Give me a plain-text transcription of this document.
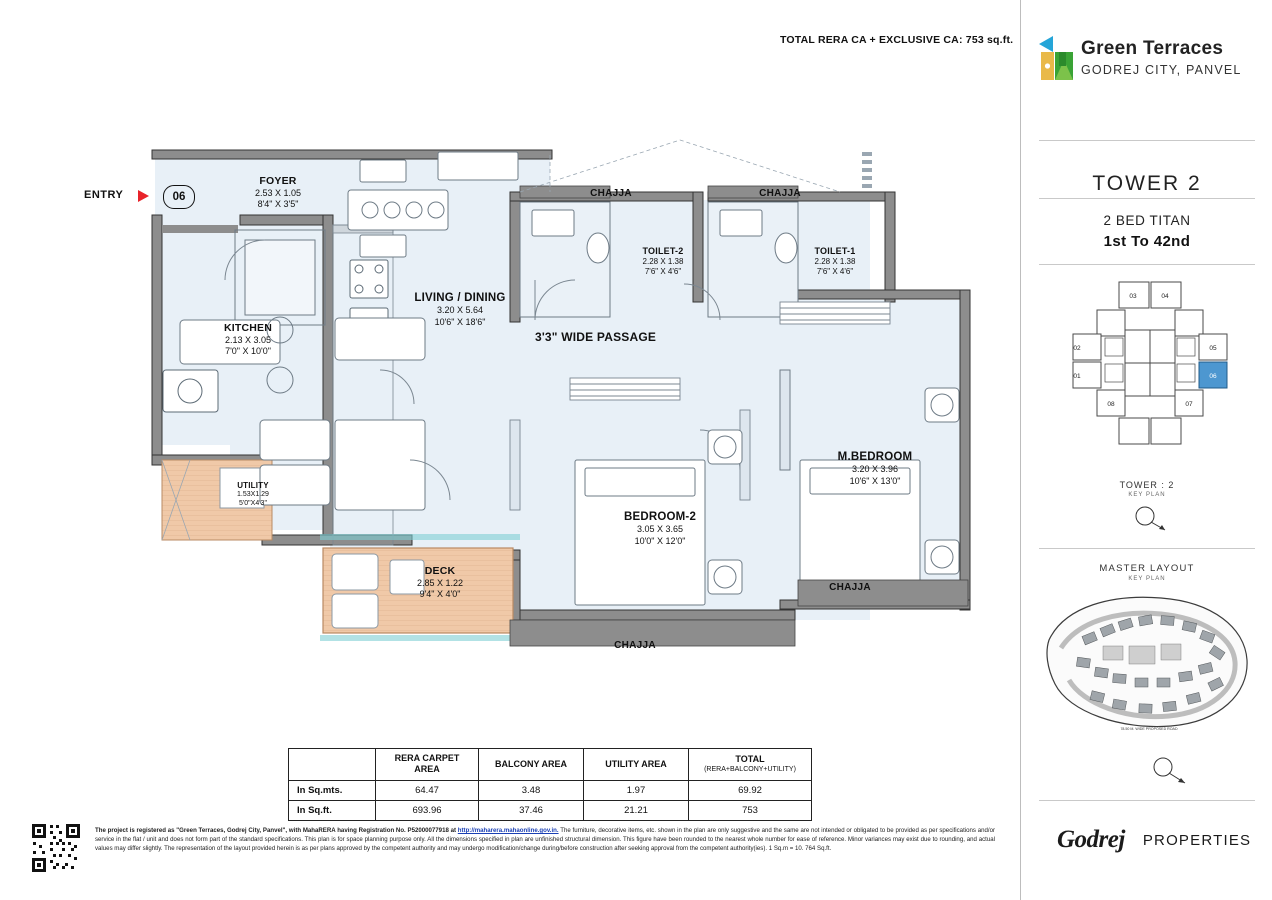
TOTAL RERA CA + EXCLUSIVE CA: 753 sq.ft.
ENTRY	06
FOYER
2.53 X 1.05
8'4" X 3'5"
KITCHEN
2.13 X 3.05
7'0" X 10'0"
UTILITY
1.53X1.29
5'0"X4'3"
LIVING / DINING
3.20 X 5.64
10'6" X 18'6"
DECK
2.85 X 1.22
9'4" X 4'0"
BEDROOM-2
3.05 X 3.65
10'0" X 12'0"
M.BEDROOM
3.20 X 3.96
10'6" X 13'0"
TOILET-2
2.28 X 1.38
7'6" X 4'6"
TOILET-1
2.28 X 1.38
7'6" X 4'6"
3'3" WIDE PASSAGE
CHAJJA	CHAJJA
CHAJJA
CHAJJA
	RERA CARPET AREA	BALCONY AREA	UTILITY AREA	TOTAL
(RERA+BALCONY+UTILITY)

In Sq.mts.	64.47	3.48	1.97	69.92
In Sq.ft.	693.96	37.46	21.21	753
The project is registered as "Green Terraces, Godrej City, Panvel", with MahaRERA having Registration No. P52000077918 at http://maharera.mahaonline.gov.in. The furniture, decorative items, etc. shown in the plan are only suggestive and the same are not intended or obligated to be provided as per specifications and/or service in the flat / unit and does not form part of the standard specifications. This plan is for space planning purpose only. All the dimensions specified in plan are unfinished structural dimension. This figure have been rounded to the nearest whole number for ease of reference. Minor variances may exist due to rounding, and actual values may differ slightly. The representation of the layout provided herein is as per plans approved by the competent authority and may undergo modification/change during/before construction after seeking approval from the competent authority(ies). 1 Sq.m = 10. 764 Sq.ft.
Green Terraces
GODREJ CITY, PANVEL
TOWER 2
2 BED TITAN
1st To 42nd
01
02
03	04
05
06
07
08
TOWER : 2
KEY PLAN
MASTER LAYOUT
KEY PLAN
78.50 M. WIDE PROPOSED ROAD
Godrej PROPERTIES
